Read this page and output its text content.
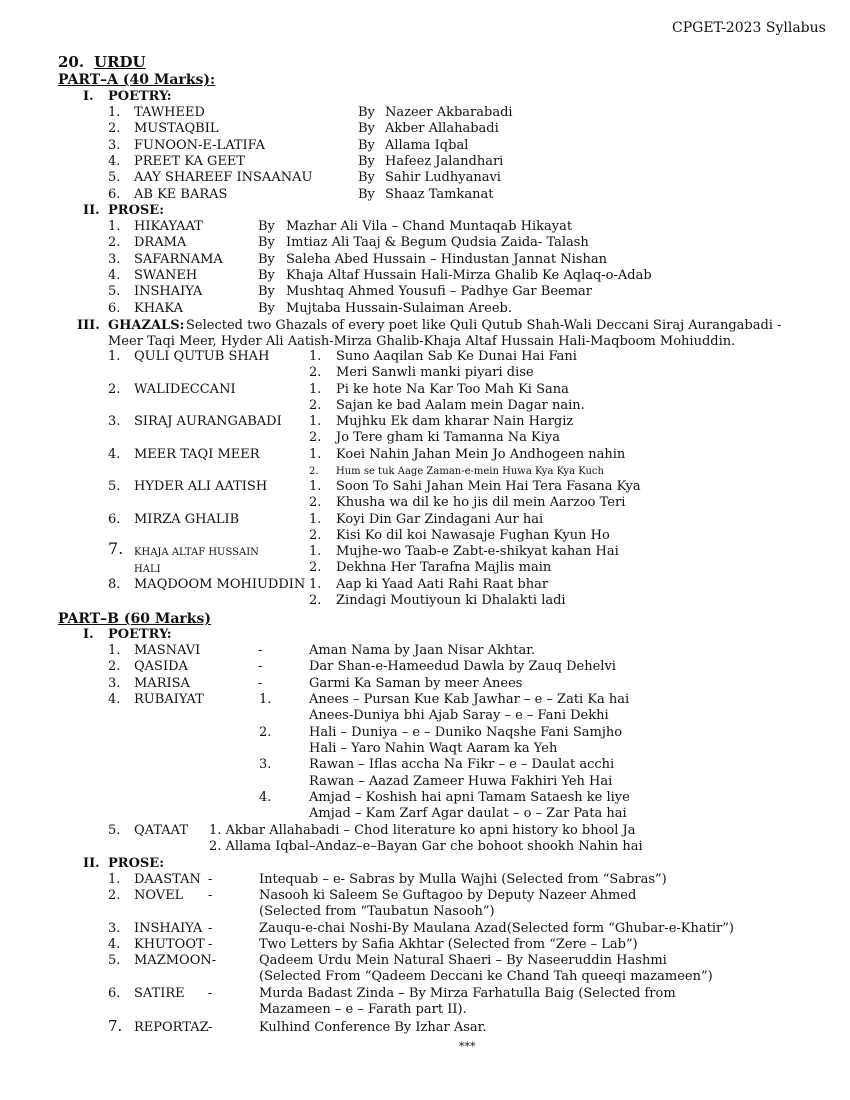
CPGET-2023 Syllabus
20. URDU
PART–A (40 Marks):
I. POETRY:
1. TAWHEED	By Nazeer Akbarabadi
2. MUSTAQBIL	By Akber Allahabadi
3. FUNOON-E-LATIFA	By Allama Iqbal
4. PREET KA GEET	By Hafeez Jalandhari
5. AAY SHAREEF INSAANAU	By Sahir Ludhyanavi
6. AB KE BARAS	By Shaaz Tamkanat
II. PROSE:
1. HIKAYAAT	By Mazhar Ali Vila – Chand Muntaqab Hikayat
2. DRAMA	By Imtiaz Ali Taaj & Begum Qudsia Zaida- Talash
3. SAFARNAMA	By Saleha Abed Hussain – Hindustan Jannat Nishan
4. SWANEH	By Khaja Altaf Hussain Hali-Mirza Ghalib Ke Aqlaq-o-Adab
5. INSHAIYA	By Mushtaq Ahmed Yousufi – Padhye Gar Beemar
6. KHAKA	By Mujtaba Hussain-Sulaiman Areeb.
III. GHAZALS: Selected two Ghazals of every poet like Quli Qutub Shah-Wali Deccani Siraj Aurangabadi -
Meer Taqi Meer, Hyder Ali Aatish-Mirza Ghalib-Khaja Altaf Hussain Hali-Maqboom Mohiuddin.
1. QULI QUTUB SHAH	1. Suno Aaqilan Sab Ke Dunai Hai Fani
2. Meri Sanwli manki piyari dise
2. WALIDECCANI	1. Pi ke hote Na Kar Too Mah Ki Sana
2. Sajan ke bad Aalam mein Dagar nain.
3. SIRAJ AURANGABADI 1. Mujhku Ek dam kharar Nain Hargiz
2. Jo Tere gham ki Tamanna Na Kiya
4. MEER TAQI MEER	1. Koei Nahin Jahan Mein Jo Andhogeen nahin
2. Hum se tuk Aage Zaman-e-mein Huwa Kya Kya Kuch
5. HYDER ALI AATISH	1. Soon To Sahi Jahan Mein Hai Tera Fasana Kya
2. Khusha wa dil ke ho jis dil mein Aarzoo Teri
6. MIRZA GHALIB	1. Koyi Din Gar Zindagani Aur hai
2. Kisi Ko dil koi Nawasaje Fughan Kyun Ho
7. KHAJA ALTAF HUSSAIN
HALI
1. Mujhe-wo Taab-e Zabt-e-shikyat kahan Hai
2. Dekhna Her Tarafna Majlis main
8. MAQDOOM MOHIUDDIN 1. Aap ki Yaad Aati Rahi Raat bhar
2. Zindagi Moutiyoun ki Dhalakti ladi
PART–B (60 Marks)
I. POETRY:
1. MASNAVI	-	Aman Nama by Jaan Nisar Akhtar.
2. QASIDA	-	Dar Shan-e-Hameedud Dawla by Zauq Dehelvi
3. MARISA	-	Garmi Ka Saman by meer Anees
4. RUBAIYAT	1.	Anees – Pursan Kue Kab Jawhar – e – Zati Ka hai
Anees-Duniya bhi Ajab Saray – e – Fani Dekhi
2.	Hali – Duniya – e – Duniko Naqshe Fani Samjho
Hali – Yaro Nahin Waqt Aaram ka Yeh
3.	Rawan – Iflas accha Na Fikr – e – Daulat acchi
Rawan – Aazad Zameer Huwa Fakhiri Yeh Hai
4.	Amjad – Koshish hai apni Tamam Sataesh ke liye
Amjad – Kam Zarf Agar daulat – o – Zar Pata hai
5. QATAAT 1. Akbar Allahabadi – Chod literature ko apni history ko bhool Ja
2. Allama Iqbal–Andaz–e–Bayan Gar che bohoot shookh Nahin hai
II. PROSE:
1. DAASTAN -	Intequab – e- Sabras by Mulla Wajhi (Selected from “Sabras”)
2. NOVEL -	Nasooh ki Saleem Se Guftagoo by Deputy Nazeer Ahmed
(Selected from “Taubatun Nasooh”)
3. INSHAIYA -	Zauqu-e-chai Noshi-By Maulana Azad(Selected form “Ghubar-e-Khatir”)
4. KHUTOOT -	Two Letters by Safia Akhtar (Selected from “Zere – Lab”)
5. MAZMOON-	Qadeem Urdu Mein Natural Shaeri – By Naseeruddin Hashmi
(Selected From “Qadeem Deccani ke Chand Tah queeqi mazameen”)
6. SATIRE -	Murda Badast Zinda – By Mirza Farhatulla Baig (Selected from
Mazameen – e – Farath part II).
7. REPORTAZ -	Kulhind Conference By Izhar Asar.
***
